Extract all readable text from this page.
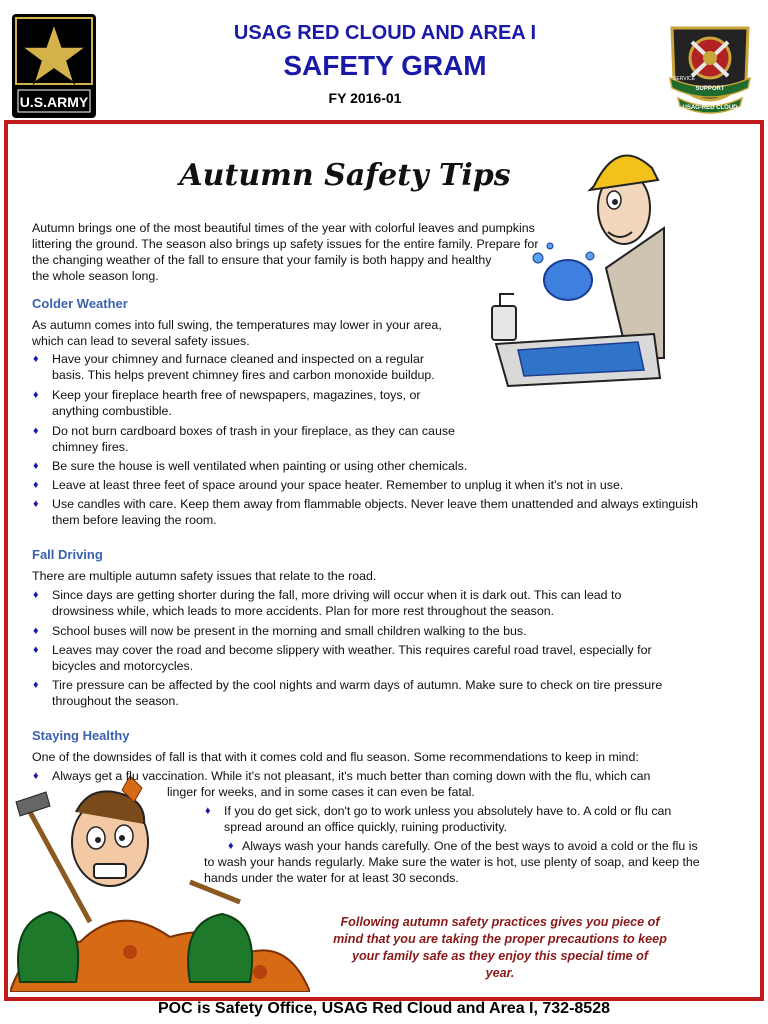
U.S.ARMY
USAG RED CLOUD AND AREA I
SAFETY GRAM
FY 2016-01
SUPPORT
SERVICE
USAG-RED CLOUD
Autumn Safety Tips
Autumn brings one of the most beautiful times of the year with colorful leaves and pumpkins
littering the ground. The season also brings up safety issues for the entire family. Prepare for
the changing weather of the fall to ensure that your family is both happy and healthy
the whole season long.
Colder Weather
As autumn comes into full swing, the temperatures may lower in your area,
which can lead to several safety issues.
♦ Have your chimney and furnace cleaned and inspected on a regular
basis. This helps prevent chimney fires and carbon monoxide buildup.
♦ Keep your fireplace hearth free of newspapers, magazines, toys, or
anything combustible.
♦ Do not burn cardboard boxes of trash in your fireplace, as they can cause
chimney fires.
♦ Be sure the house is well ventilated when painting or using other chemicals.
♦ Leave at least three feet of space around your space heater. Remember to unplug it when it's not in use.
♦ Use candles with care. Keep them away from flammable objects. Never leave them unattended and always extinguish
them before leaving the room.
Fall Driving
There are multiple autumn safety issues that relate to the road.
♦ Since days are getting shorter during the fall, more driving will occur when it is dark out. This can lead to
drowsiness while, which leads to more accidents. Plan for more rest throughout the season.
♦ School buses will now be present in the morning and small children walking to the bus.
♦ Leaves may cover the road and become slippery with weather. This requires careful road travel, especially for
bicycles and motorcycles.
♦ Tire pressure can be affected by the cool nights and warm days of autumn. Make sure to check on tire pressure
throughout the season.
Staying Healthy
One of the downsides of fall is that with it comes cold and flu season. Some recommendations to keep in mind:
♦ Always get a flu vaccination. While it's not pleasant, it's much better than coming down with the flu, which can
linger for weeks, and in some cases it can even be fatal.
♦ If you do get sick, don't go to work unless you absolutely have to. A cold or flu can
spread around an office quickly, ruining productivity.
♦ Always wash your hands carefully. One of the best ways to avoid a cold or the flu is
to wash your hands regularly. Make sure the water is hot, use plenty of soap, and keep the
hands under the water for at least 30 seconds.
Following autumn safety practices gives you piece of
mind that you are taking the proper precautions to keep
your family safe as they enjoy this special time of
year.
POC is Safety Office, USAG Red Cloud and Area I, 732-8528
